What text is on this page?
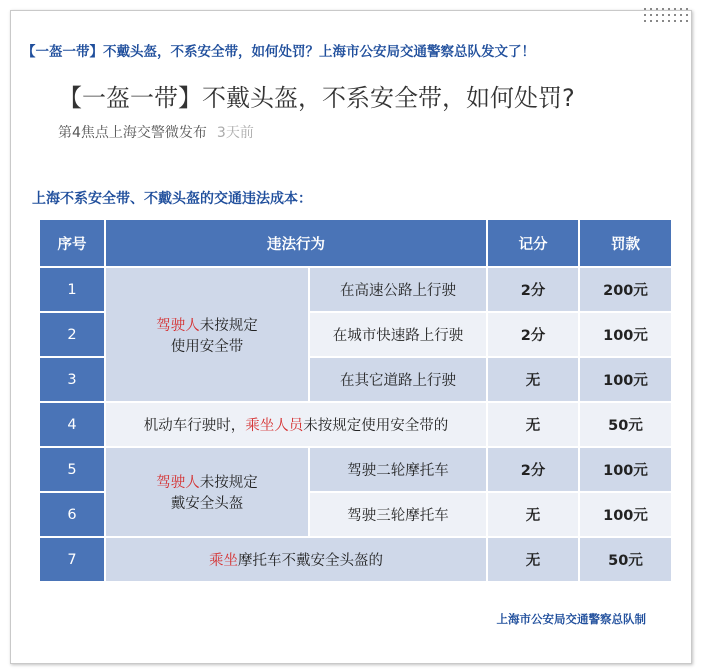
【一盔一带】不戴头盔，不系安全带，如何处罚？上海市公安局交通警察总队发文了！
【一盔一带】不戴头盔，不系安全带，如何处罚?
第4焦点上海交警微发布 3天前
上海不系安全带、不戴头盔的交通违法成本：
序号	违法行为		记分	罚款
1	驾驶人未按规定
使用安全带	在高速公路上行驶	2分	200元
2		在城市快速路上行驶	2分	100元
3		在其它道路上行驶	无	100元
4	机动车行驶时，乘坐人员未按规定使用安全带的		无	50元
5	驾驶人未按规定
戴安全头盔	驾驶二轮摩托车	2分	100元
6		驾驶三轮摩托车	无	100元
7	乘坐摩托车不戴安全头盔的		无	50元
上海市公安局交通警察总队制
